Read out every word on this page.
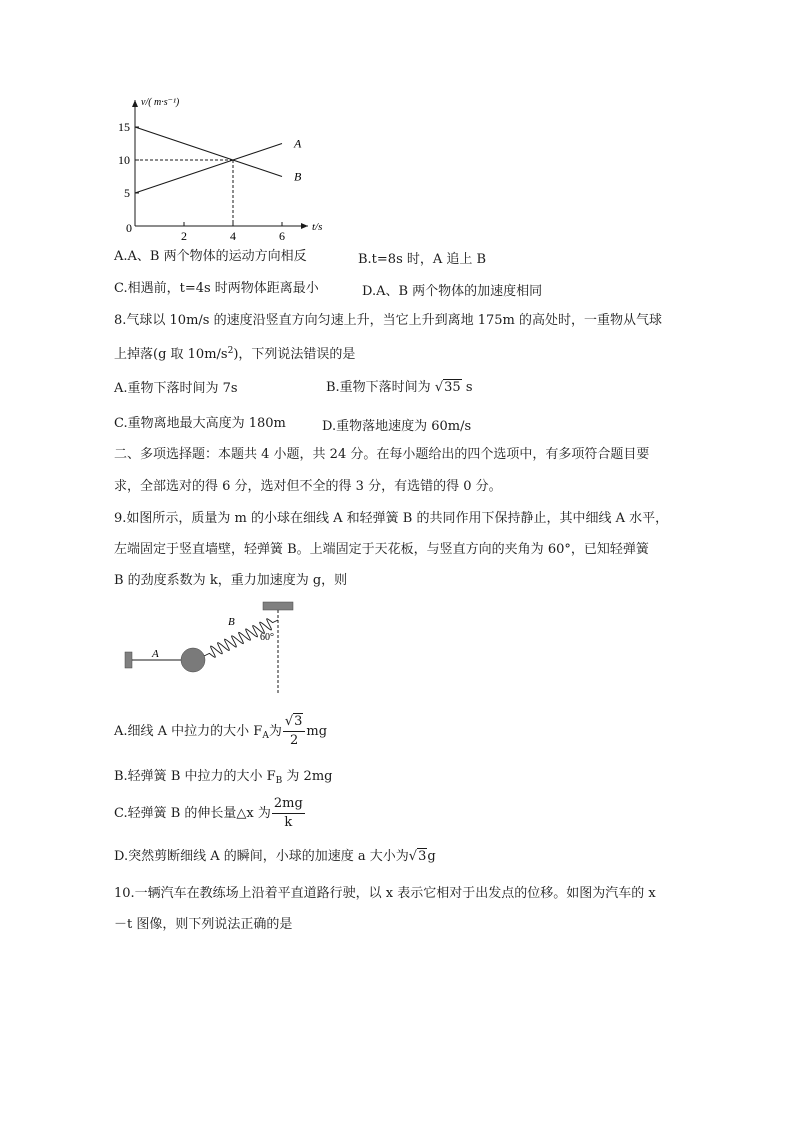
v/( m·s⁻¹)
t/s
0
2	4	6
15
10
5
A
B
A.A、B 两个物体的运动方向相反	B.t=8s 时，A 追上 B
C.相遇前，t=4s 时两物体距离最小	D.A、B 两个物体的加速度相同
8.气球以 10m/s 的速度沿竖直方向匀速上升，当它上升到离地 175m 的高处时，一重物从气球
上掉落(g 取 $10m/s^2$)，下列说法错误的是
A.重物下落时间为 7s	B.重物下落时间为 √35 s
C.重物离地最大高度为 180m	D.重物落地速度为 60m/s
二、多项选择题：本题共 4 小题，共 24 分。在每小题给出的四个选项中，有多项符合题目要
求，全部选对的得 6 分，选对但不全的得 3 分，有选错的得 0 分。
9.如图所示，质量为 m 的小球在细线 A 和轻弹簧 B 的共同作用下保持静止，其中细线 A 水平，
左端固定于竖直墙壁，轻弹簧 B。上端固定于天花板，与竖直方向的夹角为 60°，已知轻弹簧
B 的劲度系数为 k，重力加速度为 g，则
A
B
60°
A.细线 A 中拉力的大小 $F_A$为 $\frac{√3}{2}$ mg
B.轻弹簧 B 中拉力的大小 $F_B$ 为 2mg
C.轻弹簧 B 的伸长量△x 为 $\frac{2mg}{k}$
D.突然剪断细线 A 的瞬间，小球的加速度 a 大小为√3g
10.一辆汽车在教练场上沿着平直道路行驶，以 x 表示它相对于出发点的位移。如图为汽车的 x
－t 图像，则下列说法正确的是
